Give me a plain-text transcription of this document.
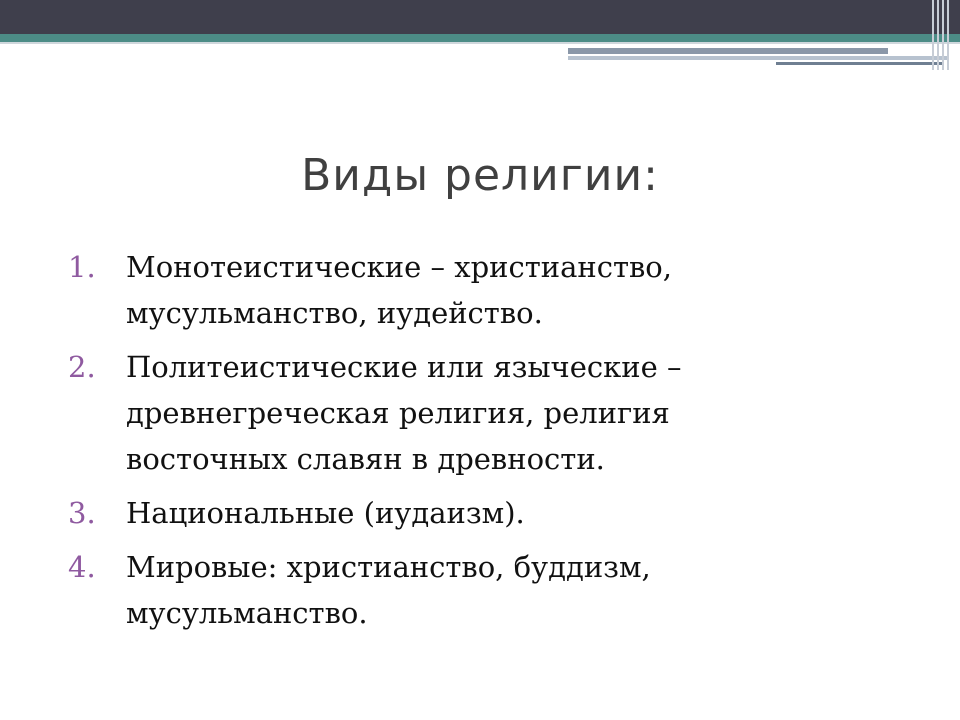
Виды религии:
1.	Монотеистические – христианство,
мусульманство, иудейство.
2.	Политеистические или языческие –
древнегреческая религия, религия
восточных славян в древности.
3.	Национальные (иудаизм).
4.	Мировые: христианство, буддизм,
мусульманство.
